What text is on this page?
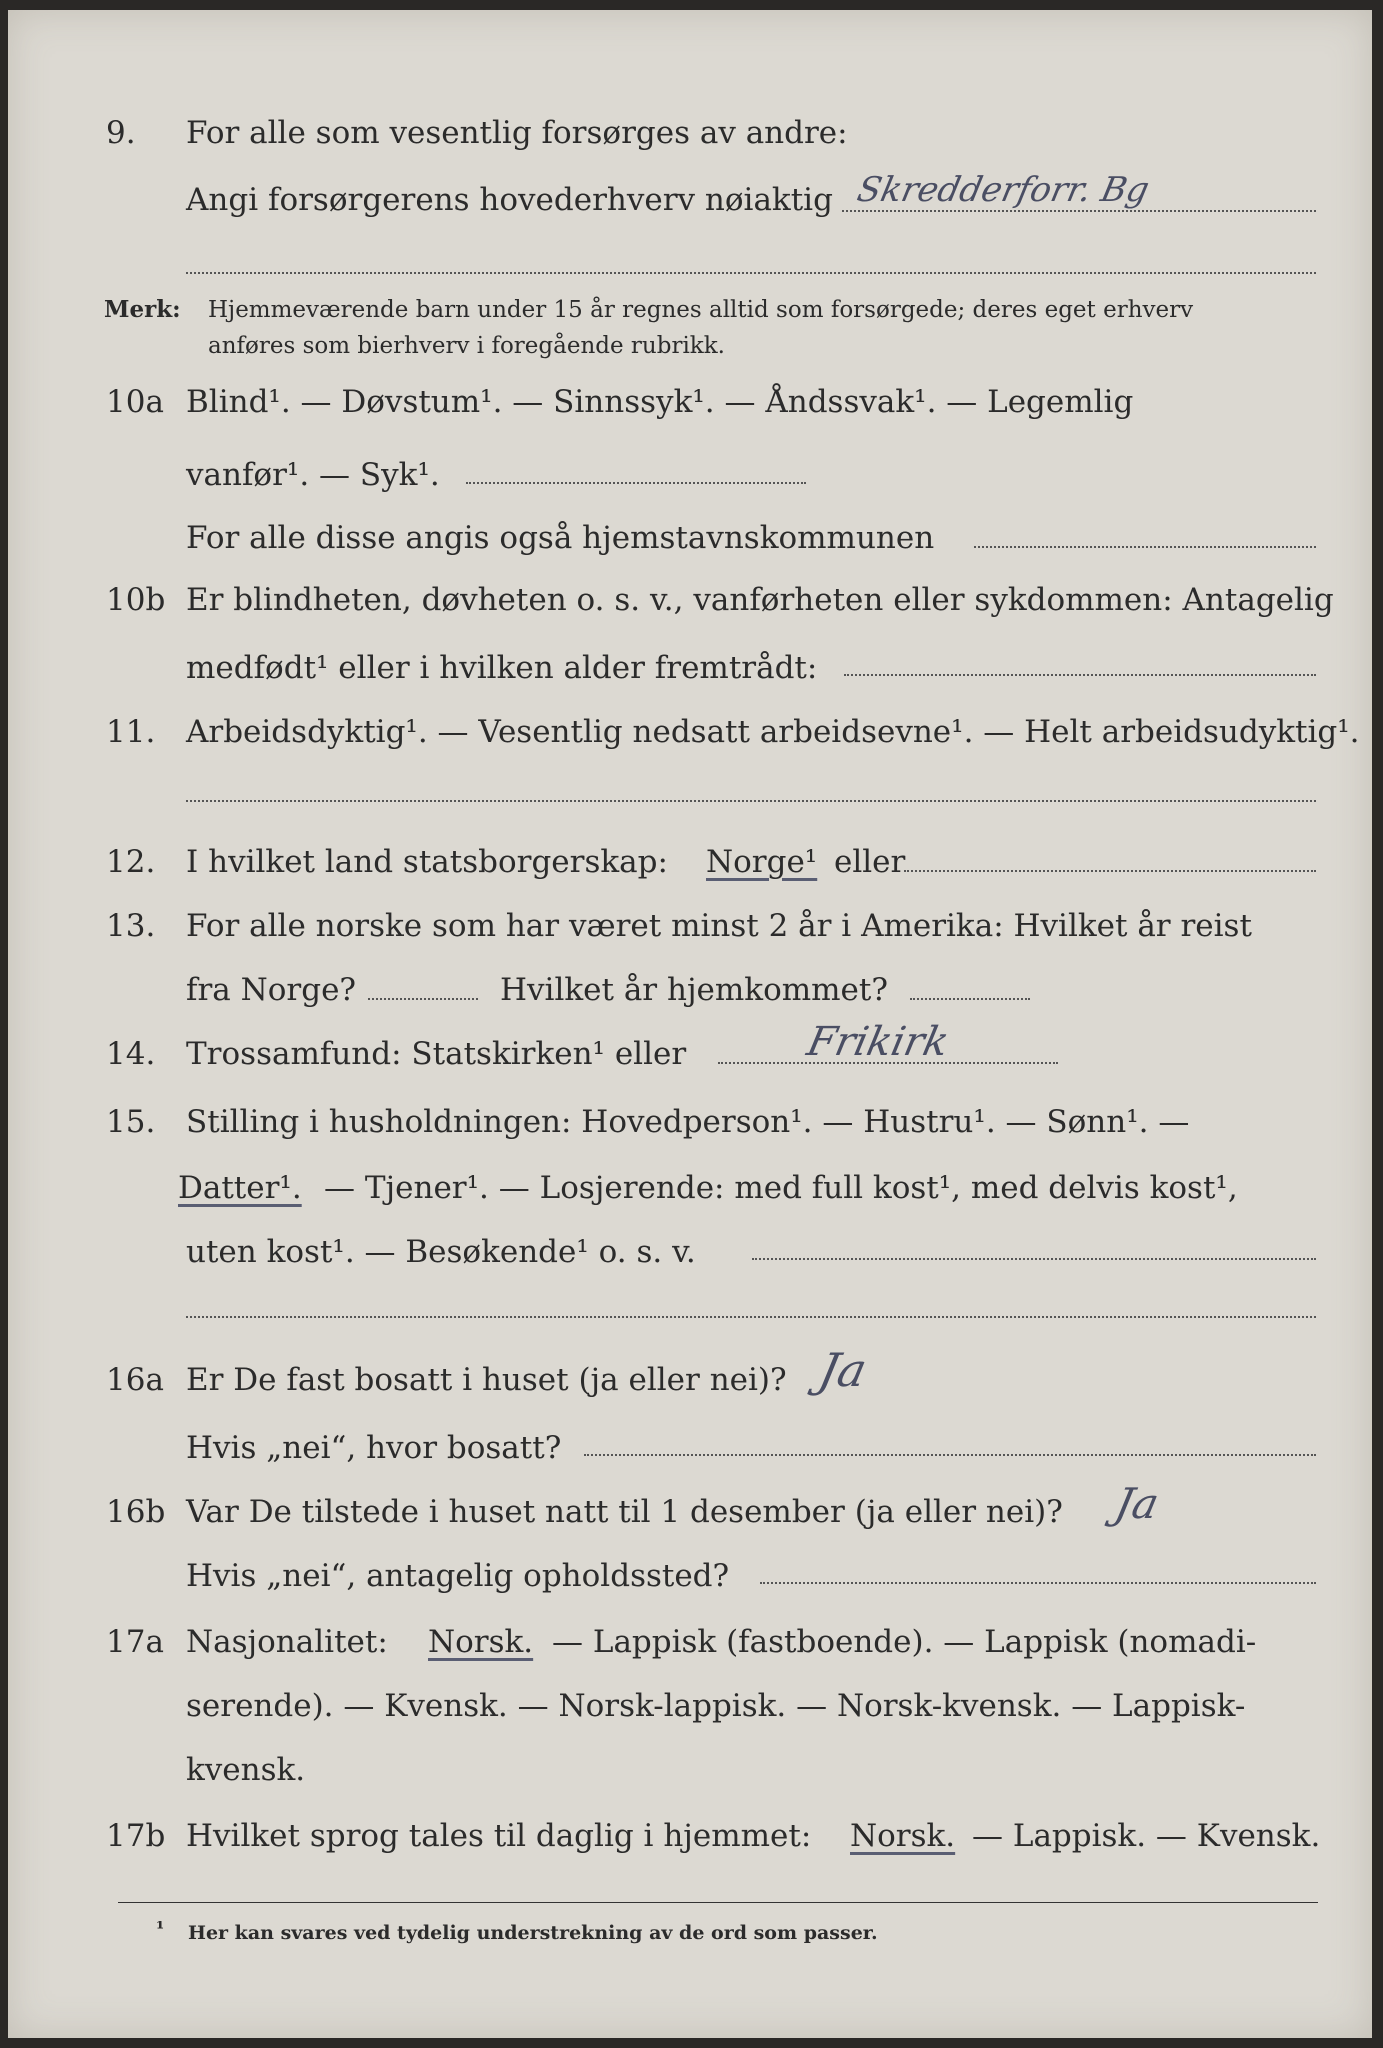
9. For alle som vesentlig forsørges av andre:
Angi forsørgerens hovederhverv nøiaktig Skredderforr. Bg
Merk: Hjemmeværende barn under 15 år regnes alltid som forsørgede; deres eget erhverv
anføres som bierhverv i foregående rubrikk.
10a Blind¹. — Døvstum¹. — Sinnssyk¹. — Åndssvak¹. — Legemlig
vanfør¹. — Syk¹.
For alle disse angis også hjemstavnskommunen
10b Er blindheten, døvheten o. s. v., vanførheten eller sykdommen: Antagelig
medfødt¹ eller i hvilken alder fremtrådt:
11. Arbeidsdyktig¹. — Vesentlig nedsatt arbeidsevne¹. — Helt arbeidsudyktig¹.
12. I hvilket land statsborgerskap: Norge¹ eller
13. For alle norske som har været minst 2 år i Amerika: Hvilket år reist
fra Norge?	Hvilket år hjemkommet?
14. Trossamfund: Statskirken¹ eller	Frikirk
15. Stilling i husholdningen: Hovedperson¹. — Hustru¹. — Sønn¹. —
Datter¹. — Tjener¹. — Losjerende: med full kost¹, med delvis kost¹,
uten kost¹. — Besøkende¹ o. s. v.
16a Er De fast bosatt i huset (ja eller nei)? Ja
Hvis „nei“, hvor bosatt?
16b Var De tilstede i huset natt til 1 desember (ja eller nei)? Ja
Hvis „nei“, antagelig opholdssted?
17a Nasjonalitet: Norsk. — Lappisk (fastboende). — Lappisk (nomadi-
serende). — Kvensk. — Norsk-lappisk. — Norsk-kvensk. — Lappisk-
kvensk.
17b Hvilket sprog tales til daglig i hjemmet: Norsk. — Lappisk. — Kvensk.
¹ Her kan svares ved tydelig understrekning av de ord som passer.
